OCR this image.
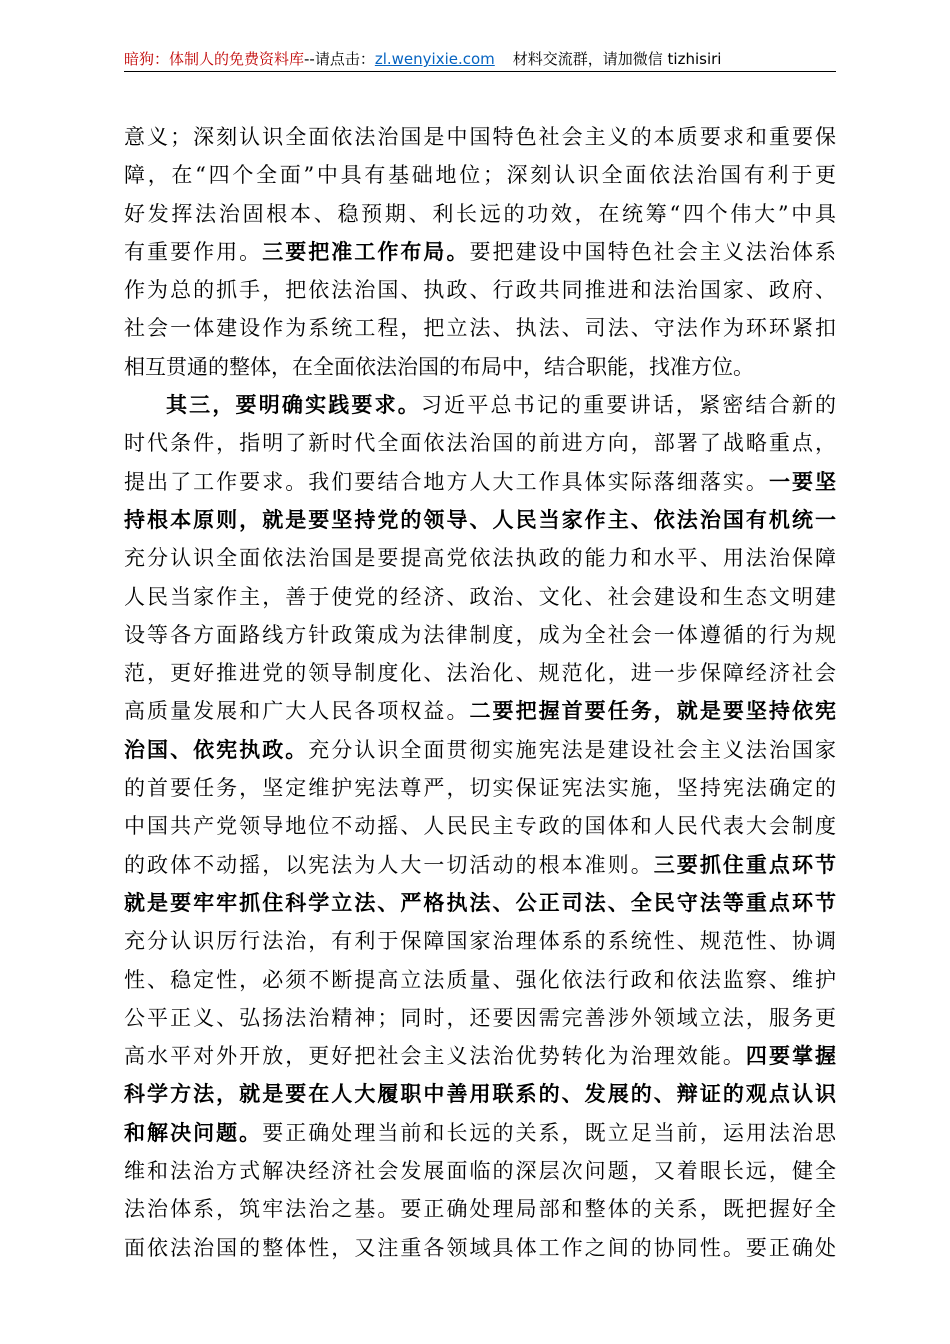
暗狗：体制人的免费资料库--请点击：zl.wenyixie.com 材料交流群，请加微信 tizhisiri
意义；深刻认识全面依法治国是中国特色社会主义的本质要求和重要保
障，在“四个全面”中具有基础地位；深刻认识全面依法治国有利于更
好发挥法治固根本、稳预期、利长远的功效，在统筹“四个伟大”中具
有重要作用。三要把准工作布局。要把建设中国特色社会主义法治体系
作为总的抓手，把依法治国、执政、行政共同推进和法治国家、政府、
社会一体建设作为系统工程，把立法、执法、司法、守法作为环环紧扣
相互贯通的整体，在全面依法治国的布局中，结合职能，找准方位。
其三，要明确实践要求。习近平总书记的重要讲话，紧密结合新的
时代条件，指明了新时代全面依法治国的前进方向，部署了战略重点，
提出了工作要求。我们要结合地方人大工作具体实际落细落实。一要坚
持根本原则，就是要坚持党的领导、人民当家作主、依法治国有机统一
充分认识全面依法治国是要提高党依法执政的能力和水平、用法治保障
人民当家作主，善于使党的经济、政治、文化、社会建设和生态文明建
设等各方面路线方针政策成为法律制度，成为全社会一体遵循的行为规
范，更好推进党的领导制度化、法治化、规范化，进一步保障经济社会
高质量发展和广大人民各项权益。二要把握首要任务，就是要坚持依宪
治国、依宪执政。充分认识全面贯彻实施宪法是建设社会主义法治国家
的首要任务，坚定维护宪法尊严，切实保证宪法实施，坚持宪法确定的
中国共产党领导地位不动摇、人民民主专政的国体和人民代表大会制度
的政体不动摇，以宪法为人大一切活动的根本准则。三要抓住重点环节
就是要牢牢抓住科学立法、严格执法、公正司法、全民守法等重点环节
充分认识厉行法治，有利于保障国家治理体系的系统性、规范性、协调
性、稳定性，必须不断提高立法质量、强化依法行政和依法监察、维护
公平正义、弘扬法治精神；同时，还要因需完善涉外领域立法，服务更
高水平对外开放，更好把社会主义法治优势转化为治理效能。四要掌握
科学方法，就是要在人大履职中善用联系的、发展的、辩证的观点认识
和解决问题。要正确处理当前和长远的关系，既立足当前，运用法治思
维和法治方式解决经济社会发展面临的深层次问题，又着眼长远，健全
法治体系，筑牢法治之基。要正确处理局部和整体的关系，既把握好全
面依法治国的整体性，又注重各领域具体工作之间的协同性。要正确处
